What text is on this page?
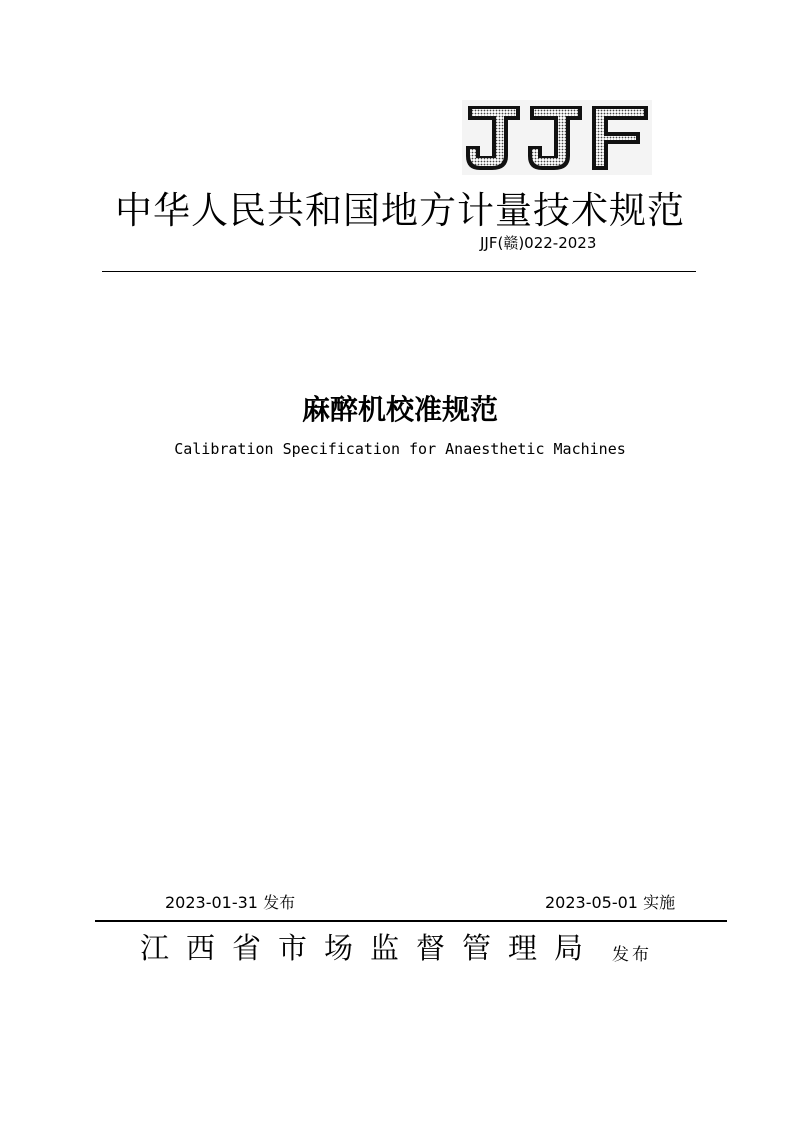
中华人民共和国地方计量技术规范
JJF(赣)022-2023
麻醉机校准规范
Calibration Specification for Anaesthetic Machines
2023-01-31 发布	2023-05-01 实施
江西省市场监督管理局 发布
